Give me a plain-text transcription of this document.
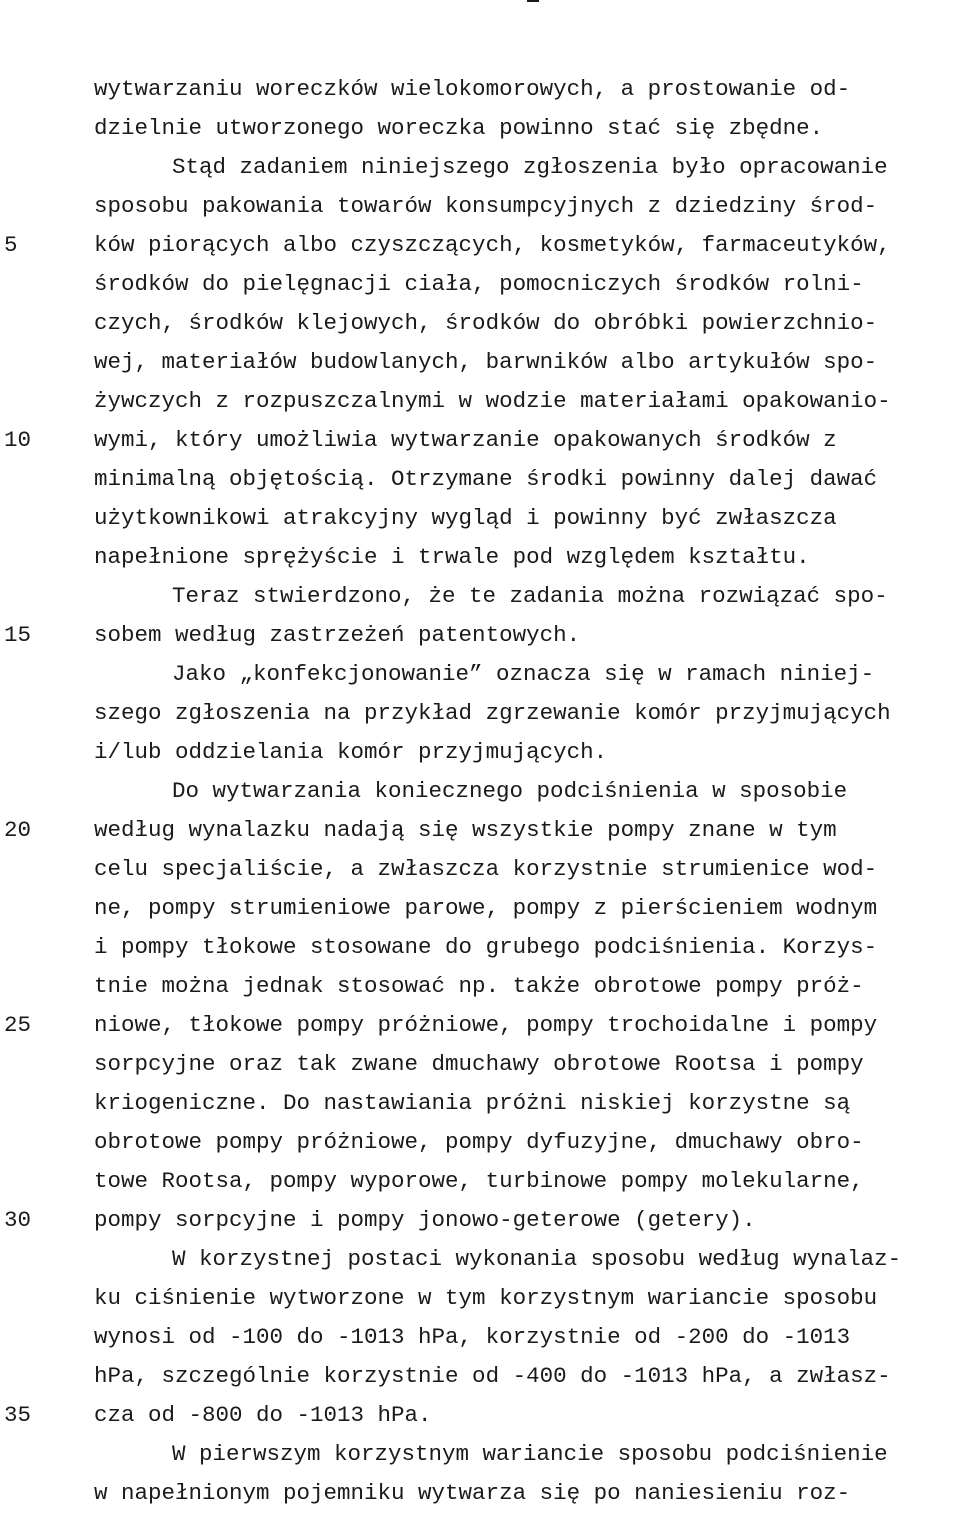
wytwarzaniu woreczków wielokomorowych, a prostowanie od-
dzielnie utworzonego woreczka powinno stać się zbędne.
Stąd zadaniem niniejszego zgłoszenia było opracowanie
sposobu pakowania towarów konsumpcyjnych z dziedziny środ-
ków piorących albo czyszczących, kosmetyków, farmaceutyków,
środków do pielęgnacji ciała, pomocniczych środków rolni-
czych, środków klejowych, środków do obróbki powierzchnio-
wej, materiałów budowlanych, barwników albo artykułów spo-
żywczych z rozpuszczalnymi w wodzie materiałami opakowanio-
wymi, który umożliwia wytwarzanie opakowanych środków z
minimalną objętością. Otrzymane środki powinny dalej dawać
użytkownikowi atrakcyjny wygląd i powinny być zwłaszcza
napełnione sprężyście i trwale pod względem kształtu.
Teraz stwierdzono, że te zadania można rozwiązać spo-
sobem według zastrzeżeń patentowych.
Jako „konfekcjonowanie” oznacza się w ramach niniej-
szego zgłoszenia na przykład zgrzewanie komór przyjmujących
i/lub oddzielania komór przyjmujących.
Do wytwarzania koniecznego podciśnienia w sposobie
według wynalazku nadają się wszystkie pompy znane w tym
celu specjaliście, a zwłaszcza korzystnie strumienice wod-
ne, pompy strumieniowe parowe, pompy z pierścieniem wodnym
i pompy tłokowe stosowane do grubego podciśnienia. Korzys-
tnie można jednak stosować np. także obrotowe pompy próż-
niowe, tłokowe pompy próżniowe, pompy trochoidalne i pompy
sorpcyjne oraz tak zwane dmuchawy obrotowe Rootsa i pompy
kriogeniczne. Do nastawiania próżni niskiej korzystne są
obrotowe pompy próżniowe, pompy dyfuzyjne, dmuchawy obro-
towe Rootsa, pompy wyporowe, turbinowe pompy molekularne,
pompy sorpcyjne i pompy jonowo-geterowe (getery).
W korzystnej postaci wykonania sposobu według wynalaz-
ku ciśnienie wytworzone w tym korzystnym wariancie sposobu
wynosi od -100 do -1013 hPa, korzystnie od -200 do -1013
hPa, szczególnie korzystnie od -400 do -1013 hPa, a zwłasz-
cza od -800 do -1013 hPa.
W pierwszym korzystnym wariancie sposobu podciśnienie
w napełnionym pojemniku wytwarza się po naniesieniu roz-
5
10
15
20
25
30
35
